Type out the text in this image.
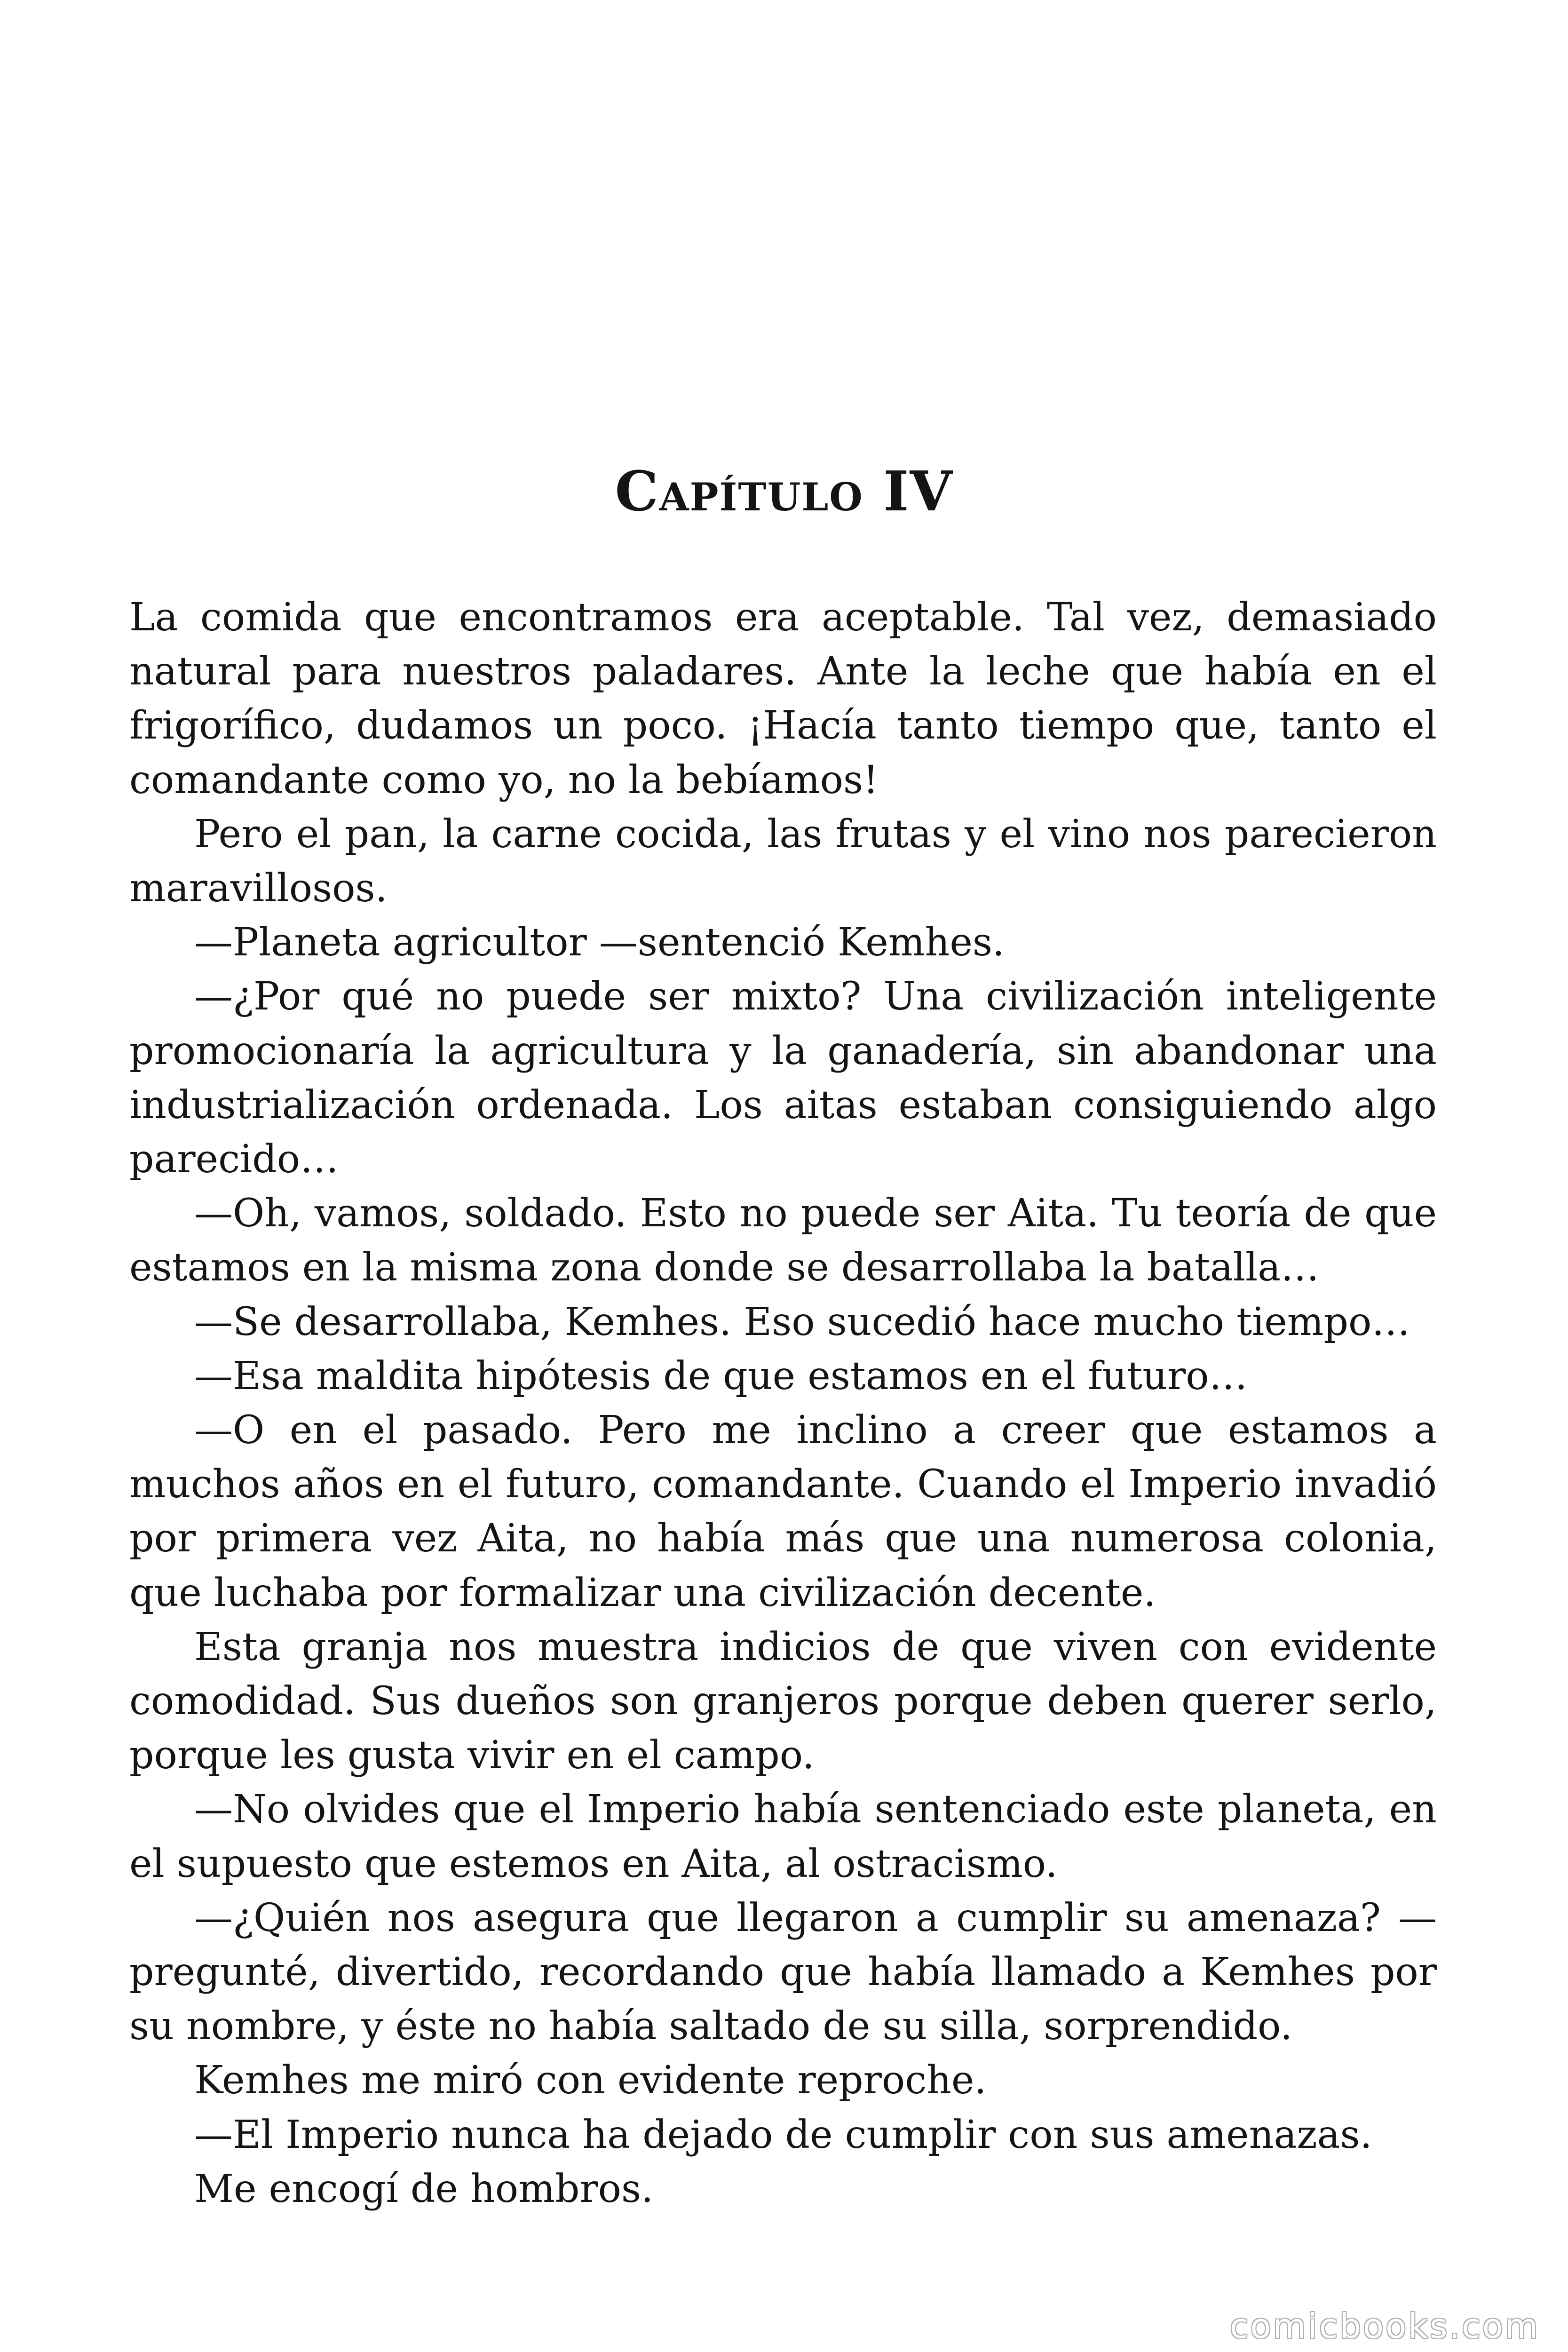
Capítulo IV

La comida que encontramos era aceptable. Tal vez, demasiado natural para nuestros paladares. Ante la leche que había en el frigorífico, dudamos un poco. ¡Hacía tanto tiempo que, tanto el comandante como yo, no la bebíamos!

Pero el pan, la carne cocida, las frutas y el vino nos parecieron maravillosos.

—Planeta agricultor —sentenció Kemhes.

—¿Por qué no puede ser mixto? Una civilización inteligente promocionaría la agricultura y la ganadería, sin abandonar una industrialización ordenada. Los aitas estaban consiguiendo algo parecido…

—Oh, vamos, soldado. Esto no puede ser Aita. Tu teoría de que estamos en la misma zona donde se desarrollaba la batalla…

—Se desarrollaba, Kemhes. Eso sucedió hace mucho tiempo…

—Esa maldita hipótesis de que estamos en el futuro…

—O en el pasado. Pero me inclino a creer que estamos a muchos años en el futuro, comandante. Cuando el Imperio invadió por primera vez Aita, no había más que una numerosa colonia, que luchaba por formalizar una civilización decente.

Esta granja nos muestra indicios de que viven con evidente comodidad. Sus dueños son granjeros porque deben querer serlo, porque les gusta vivir en el campo.

—No olvides que el Imperio había sentenciado este planeta, en el supuesto que estemos en Aita, al ostracismo.

—¿Quién nos asegura que llegaron a cumplir su amenaza? —pregunté, divertido, recordando que había llamado a Kemhes por su nombre, y éste no había saltado de su silla, sorprendido.

Kemhes me miró con evidente reproche.

—El Imperio nunca ha dejado de cumplir con sus amenazas.

Me encogí de hombros.

comicbooks.com
